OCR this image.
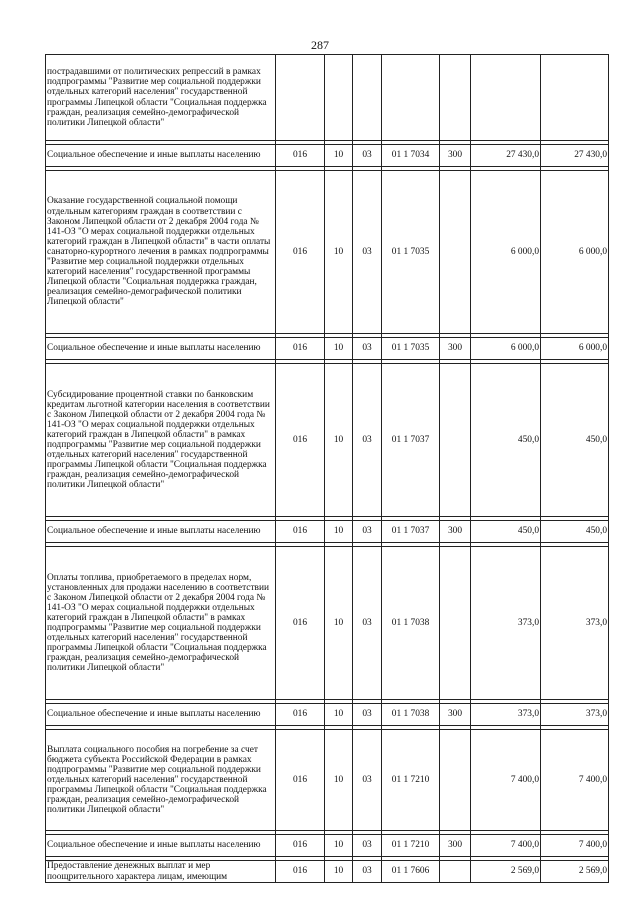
287
пострадавшими от политических репрессий в рамках подпрограммы "Развитие мер социальной поддержки отдельных категорий населения" государственной программы Липецкой области "Социальная поддержка граждан, реализация семейно-демографической политики Липецкой области"							

Социальное обеспечение и иные выплаты населению	016	10	03	01 1 7034	300	27 430,0	27 430,0

Оказание государственной социальной помощи отдельным категориям граждан в соответствии с Законом Липецкой области от 2 декабря 2004 года № 141-ОЗ "О мерах социальной поддержки отдельных категорий граждан в Липецкой области" в части оплаты санаторно-курортного лечения в рамках подпрограммы "Развитие мер социальной поддержки отдельных категорий населения" государственной программы Липецкой области "Социальная поддержка граждан, реализация семейно-демографической политики Липецкой области"	016	10	03	01 1 7035		6 000,0	6 000,0

Социальное обеспечение и иные выплаты населению	016	10	03	01 1 7035	300	6 000,0	6 000,0

Субсидирование процентной ставки по банковским кредитам льготной категории населения в соответствии с Законом Липецкой области от 2 декабря 2004 года № 141-ОЗ "О мерах социальной поддержки отдельных категорий граждан в Липецкой области" в рамках подпрограммы "Развитие мер социальной поддержки отдельных категорий населения" государственной программы Липецкой области "Социальная поддержка граждан, реализация семейно-демографической политики Липецкой области"	016	10	03	01 1 7037		450,0	450,0

Социальное обеспечение и иные выплаты населению	016	10	03	01 1 7037	300	450,0	450,0

Оплаты топлива, приобретаемого в пределах норм, установленных для продажи населению в соответствии с Законом Липецкой области от 2 декабря 2004 года № 141-ОЗ "О мерах социальной поддержки отдельных категорий граждан в Липецкой области" в рамках подпрограммы "Развитие мер социальной поддержки отдельных категорий населения" государственной программы Липецкой области "Социальная поддержка граждан, реализация семейно-демографической политики Липецкой области"	016	10	03	01 1 7038		373,0	373,0

Социальное обеспечение и иные выплаты населению	016	10	03	01 1 7038	300	373,0	373,0

Выплата социального пособия на погребение за счет бюджета субъекта Российской Федерации в рамках подпрограммы "Развитие мер социальной поддержки отдельных категорий населения" государственной программы Липецкой области "Социальная поддержка граждан, реализация семейно-демографической политики Липецкой области"	016	10	03	01 1 7210		7 400,0	7 400,0

Социальное обеспечение и иные выплаты населению	016	10	03	01 1 7210	300	7 400,0	7 400,0

Предоставление денежных выплат и мер поощрительного характера лицам, имеющим	016	10	03	01 1 7606		2 569,0	2 569,0
